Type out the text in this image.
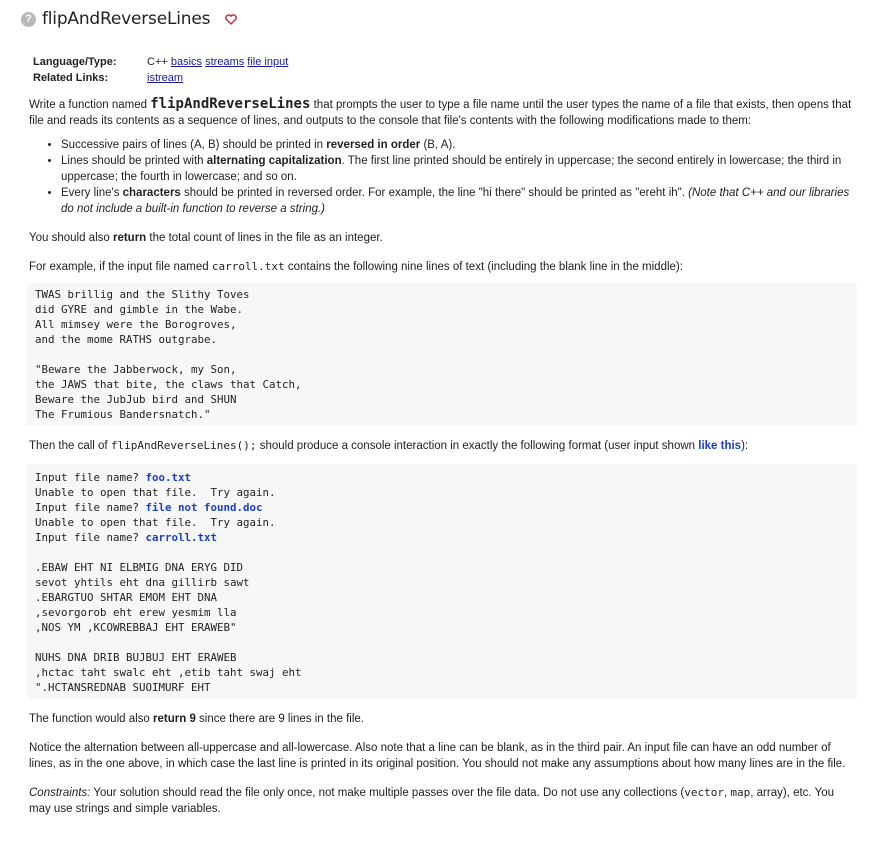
? flipAndReverseLines
Language/Type:	C++ basics streams file input
Related Links:	istream

Write a function named flipAndReverseLines that prompts the user to type a file name until the user types the name of a file that exists, then opens that file and reads its contents as a sequence of lines, and outputs to the console that file's contents with the following modifications made to them:

• Successive pairs of lines (A, B) should be printed in reversed in order (B, A).
• Lines should be printed with alternating capitalization. The first line printed should be entirely in uppercase; the second entirely in lowercase; the third in uppercase; the fourth in lowercase; and so on.
• Every line's characters should be printed in reversed order. For example, the line "hi there" should be printed as "ereht ih". (Note that C++ and our libraries do not include a built-in function to reverse a string.)

You should also return the total count of lines in the file as an integer.

For example, if the input file named carroll.txt contains the following nine lines of text (including the blank line in the middle):

TWAS brillig and the Slithy Toves
did GYRE and gimble in the Wabe.
All mimsey were the Borogroves,
and the mome RATHS outgrabe.
"Beware the Jabberwock, my Son,
the JAWS that bite, the claws that Catch,
Beware the JubJub bird and SHUN
The Frumious Bandersnatch."

Then the call of flipAndReverseLines(); should produce a console interaction in exactly the following format (user input shown like this):

Input file name? foo.txt
Unable to open that file.  Try again.
Input file name? file not found.doc
Unable to open that file.  Try again.
Input file name? carroll.txt
.EBAW EHT NI ELBMIG DNA ERYG DID
sevot yhtils eht dna gillirb sawt
.EBARGTUO SHTAR EMOM EHT DNA
,sevorgorob eht erew yesmim lla
,NOS YM ,KCOWREBBAJ EHT ERAWEB"
NUHS DNA DRIB BUJBUJ EHT ERAWEB
,hctac taht swalc eht ,etib taht swaj eht
".HCTANSREDNAB SUOIMURF EHT

The function would also return 9 since there are 9 lines in the file.

Notice the alternation between all-uppercase and all-lowercase. Also note that a line can be blank, as in the third pair. An input file can have an odd number of lines, as in the one above, in which case the last line is printed in its original position. You should not make any assumptions about how many lines are in the file.

Constraints: Your solution should read the file only once, not make multiple passes over the file data. Do not use any collections (vector, map, array), etc. You may use strings and simple variables.
